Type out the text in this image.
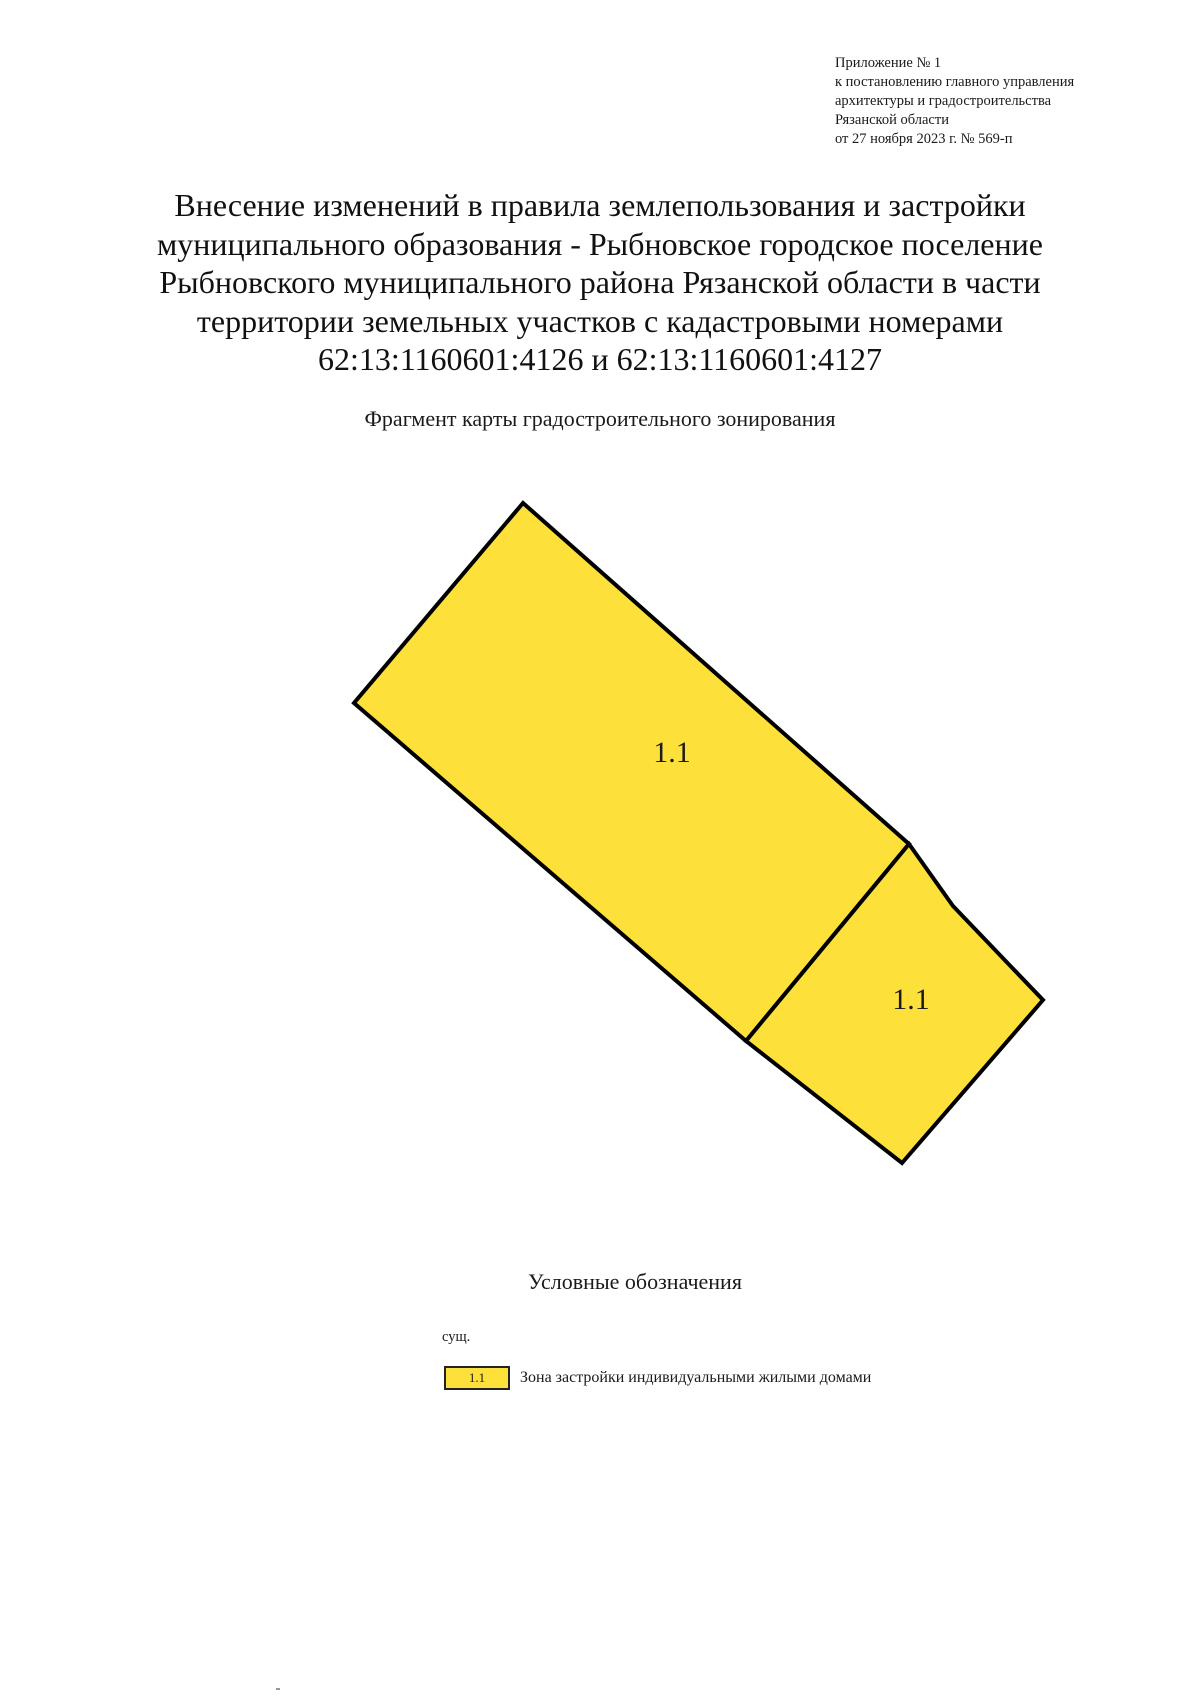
Приложение № 1
к постановлению главного управления
архитектуры и градостроительства
Рязанской области
от 27 ноября 2023 г. № 569-п
Внесение изменений в правила землепользования и застройки
муниципального образования - Рыбновское городское поселение
Рыбновского муниципального района Рязанской области в части
территории земельных участков с кадастровыми номерами
62:13:1160601:4126 и 62:13:1160601:4127
Фрагмент карты градостроительного зонирования
1.1
1.1
Условные обозначения
сущ.
1.1 Зона застройки индивидуальными жилыми домами
